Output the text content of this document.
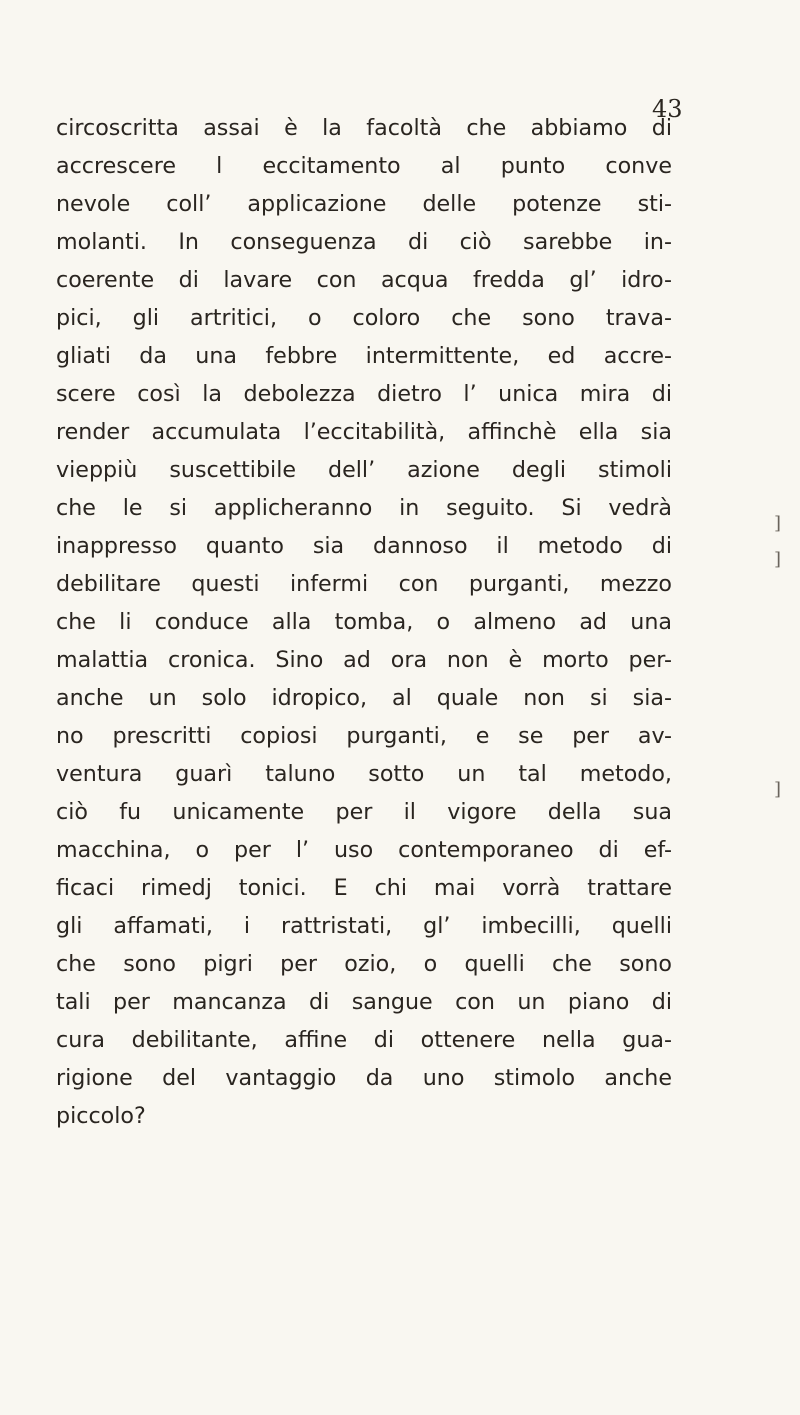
43
circoscritta assai è la facoltà che abbiamo di
accrescere l eccitamento al punto conve
nevole coll’ applicazione delle potenze sti-
molanti. In conseguenza di ciò sarebbe in-
coerente di lavare con acqua fredda gl’ idro-
pici, gli artritici, o coloro che sono trava-
gliati da una febbre intermittente, ed accre-
scere così la debolezza dietro l’ unica mira di
render accumulata l’eccitabilità, affinchè ella sia
vieppiù suscettibile dell’ azione degli stimoli
che le si applicheranno in seguito. Si vedrà
inappresso quanto sia dannoso il metodo di
debilitare questi infermi con purganti, mezzo
che li conduce alla tomba, o almeno ad una
malattia cronica. Sino ad ora non è morto per-
anche un solo idropico, al quale non si sia-
no prescritti copiosi purganti, e se per av-
ventura guarì taluno sotto un tal metodo,
ciò fu unicamente per il vigore della sua
macchina, o per l’ uso contemporaneo di ef-
ficaci rimedj tonici. E chi mai vorrà trattare
gli affamati, i rattristati, gl’ imbecilli, quelli
che sono pigri per ozio, o quelli che sono
tali per mancanza di sangue con un piano di
cura debilitante, affine di ottenere nella gua-
rigione del vantaggio da uno stimolo anche
piccolo?
]
]
]
